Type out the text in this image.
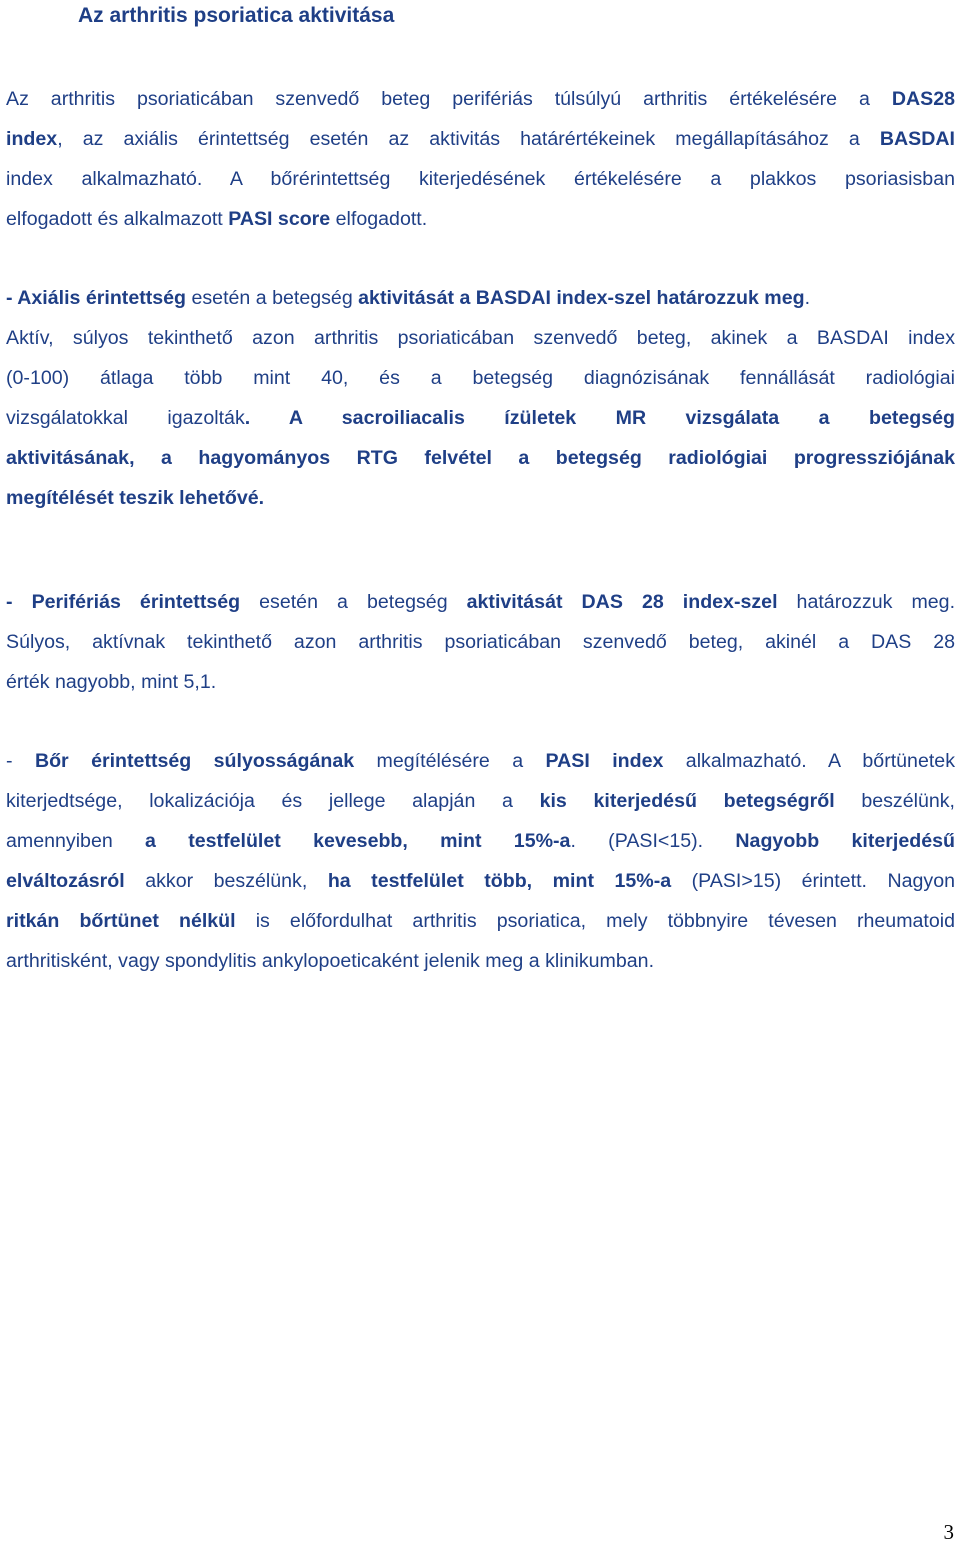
Az arthritis psoriatica aktivitása
Az arthritis psoriaticában szenvedő beteg perifériás túlsúlyú arthritis értékelésére a DAS28
index, az axiális érintettség esetén az aktivitás határértékeinek megállapításához a BASDAI
index alkalmazható. A bőrérintettség kiterjedésének értékelésére a plakkos psoriasisban
elfogadott és alkalmazott PASI score elfogadott.
- Axiális érintettség esetén a betegség aktivitását a BASDAI index-szel határozzuk meg.
Aktív, súlyos tekinthető azon arthritis psoriaticában szenvedő beteg, akinek a BASDAI index
(0-100) átlaga több mint 40, és a betegség diagnózisának fennállását radiológiai
vizsgálatokkal igazolták. A sacroiliacalis ízületek MR vizsgálata a betegség
aktivitásának, a hagyományos RTG felvétel a betegség radiológiai progressziójának
megítélését teszik lehetővé.
- Perifériás érintettség esetén a betegség aktivitását DAS 28 index-szel határozzuk meg.
Súlyos, aktívnak tekinthető azon arthritis psoriaticában szenvedő beteg, akinél a DAS 28
érték nagyobb, mint 5,1.
- Bőr érintettség súlyosságának megítélésére a PASI index alkalmazható. A bőrtünetek
kiterjedtsége, lokalizációja és jellege alapján a kis kiterjedésű betegségről beszélünk,
amennyiben a testfelület kevesebb, mint 15%-a. (PASI<15). Nagyobb kiterjedésű
elváltozásról akkor beszélünk, ha testfelület több, mint 15%-a (PASI>15) érintett. Nagyon
ritkán bőrtünet nélkül is előfordulhat arthritis psoriatica, mely többnyire tévesen rheumatoid
arthritisként, vagy spondylitis ankylopoeticaként jelenik meg a klinikumban.
3
